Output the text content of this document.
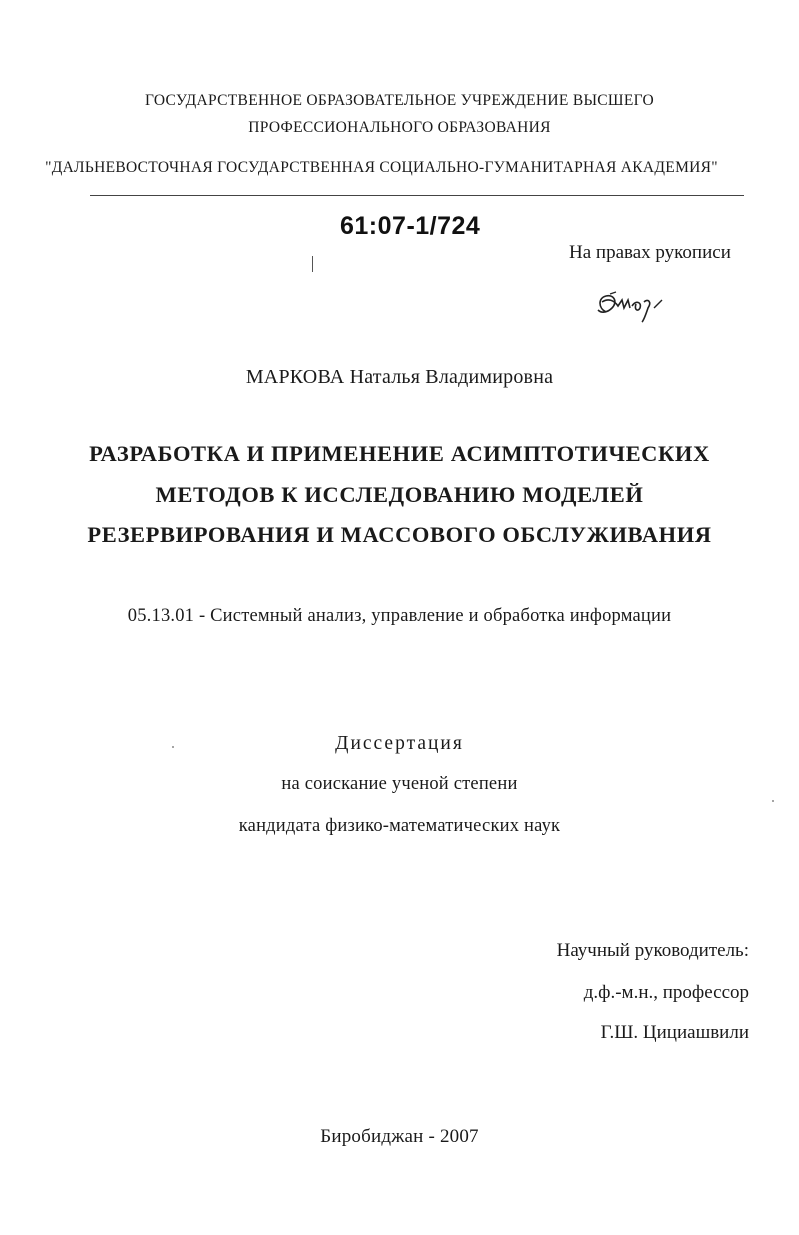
ГОСУДАРСТВЕННОЕ ОБРАЗОВАТЕЛЬНОЕ УЧРЕЖДЕНИЕ ВЫСШЕГО
ПРОФЕССИОНАЛЬНОГО ОБРАЗОВАНИЯ
"ДАЛЬНЕВОСТОЧНАЯ ГОСУДАРСТВЕННАЯ СОЦИАЛЬНО-ГУМАНИТАРНАЯ АКАДЕМИЯ"
61:07-1/724
На правах рукописи
МАРКОВА Наталья Владимировна
РАЗРАБОТКА И ПРИМЕНЕНИЕ АСИМПТОТИЧЕСКИХ
МЕТОДОВ К ИССЛЕДОВАНИЮ МОДЕЛЕЙ
РЕЗЕРВИРОВАНИЯ И МАССОВОГО ОБСЛУЖИВАНИЯ
05.13.01 - Системный анализ, управление и обработка информации
Диссертация
на соискание ученой степени
кандидата физико-математических наук
Научный руководитель:
д.ф.-м.н., профессор
Г.Ш. Цициашвили
Биробиджан - 2007
